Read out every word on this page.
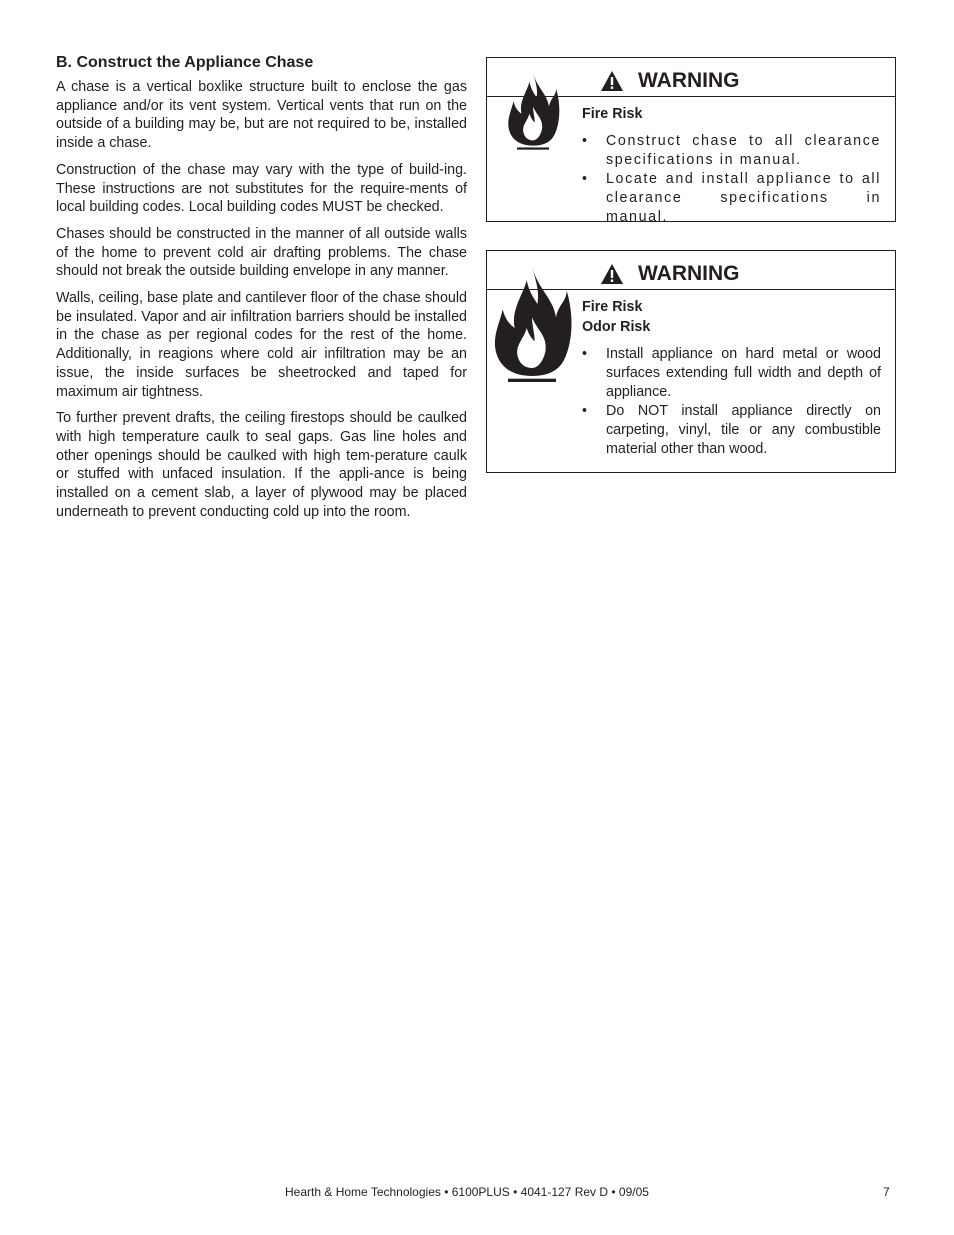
B. Construct the Appliance Chase

A chase is a vertical boxlike structure built to enclose the gas appliance and/or its vent system. Vertical vents that run on the outside of a building may be, but are not required to be, installed inside a chase.

Construction of the chase may vary with the type of build-ing. These instructions are not substitutes for the require-ments of local building codes. Local building codes MUST be checked.

Chases should be constructed in the manner of all outside walls of the home to prevent cold air drafting problems. The chase should not break the outside building envelope in any manner.

Walls, ceiling, base plate and cantilever floor of the chase should be insulated. Vapor and air infiltration barriers should be installed in the chase as per regional codes for the rest of the home. Additionally, in reagions where cold air infiltration may be an issue, the inside surfaces be sheetrocked and taped for maximum air tightness.

To further prevent drafts, the ceiling firestops should be caulked with high temperature caulk to seal gaps. Gas line holes and other openings should be caulked with high tem-perature caulk or stuffed with unfaced insulation. If the appli-ance is being installed on a cement slab, a layer of plywood may be placed underneath to prevent conducting cold up into the room.

WARNING
Fire Risk
• Construct chase to all clearance specifications in manual.
• Locate and install appliance to all clearance specifications in manual.
WARNING
Fire Risk
Odor Risk
• Install appliance on hard metal or wood surfaces extending full width and depth of appliance.
• Do NOT install appliance directly on carpeting, vinyl, tile or any combustible material other than wood.
Hearth & Home Technologies • 6100PLUS • 4041-127 Rev D • 09/05	7
